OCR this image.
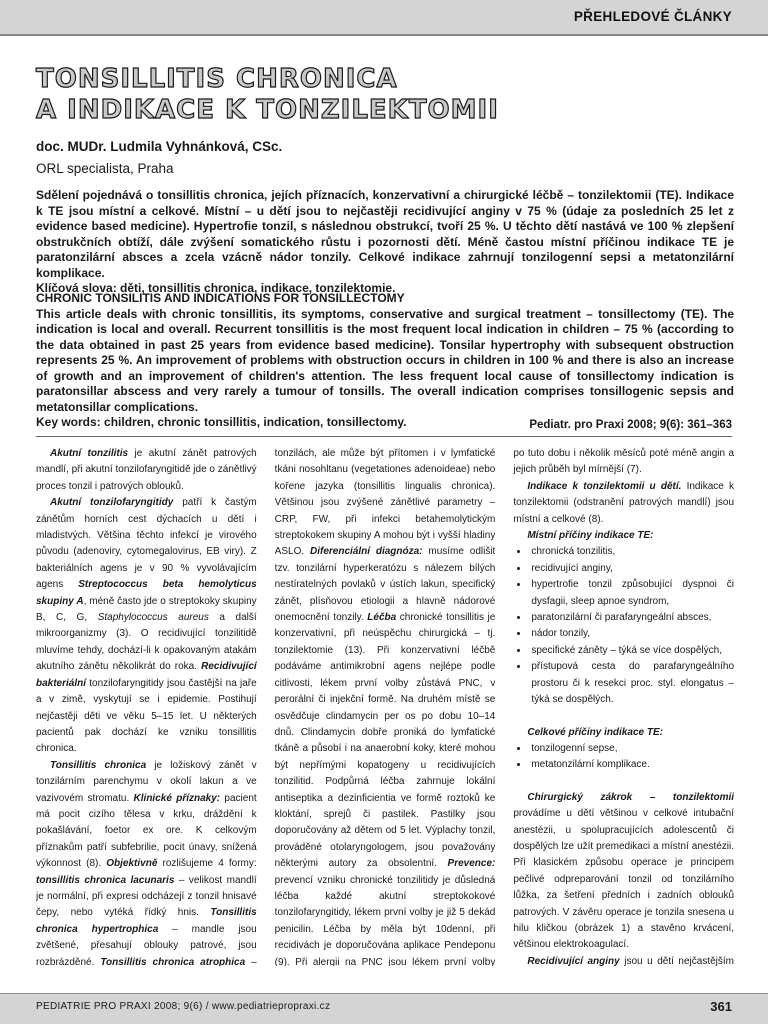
PŘEHLEDOVÉ ČLÁNKY
TONSILLITIS CHRONICA
A INDIKACE K TONZILEKTOMII
doc. MUDr. Ludmila Vyhnánková, CSc.
ORL specialista, Praha

Sdělení pojednává o tonsillitis chronica, jejích příznacích, konzervativní a chirurgické léčbě – tonzilektomii (TE). Indikace k TE jsou místní a celkové. Místní – u dětí jsou to nejčastěji recidivující anginy v 75 % (údaje za posledních 25 let z evidence based medicine). Hypertrofie tonzil, s následnou obstrukcí, tvoří 25 %. U těchto dětí nastává ve 100 % zlepšení obstrukčních obtíží, dále zvýšení somatického růstu i pozornosti dětí. Méně častou místní příčinou indikace TE je paratonzilární absces a zcela vzácně nádor tonzily. Celkové indikace zahrnují tonzilogenní sepsi a metatonzilární komplikace.

Klíčová slova: děti, tonsillitis chronica, indikace, tonzilektomie.

CHRONIC TONSILITIS AND INDICATIONS FOR TONSILLECTOMY

This article deals with chronic tonsillitis, its symptoms, conservative and surgical treatment – tonsillectomy (TE). The indication is local and overall. Recurrent tonsillitis is the most frequent local indication in children – 75 % (according to the data obtained in past 25 years from evidence based medicine). Tonsilar hypertrophy with subsequent obstruction represents 25 %. An improvement of problems with obstruction occurs in children in 100 % and there is also an increase of growth and an improvement of children's attention. The less frequent local cause of tonsillectomy indication is paratonsillar abscess and very rarely a tumour of tonsills. The overall indication comprises tonsillogenic sepsis and metatonsillar complications.

Key words: children, chronic tonsillitis, indication, tonsillectomy.	Pediatr. pro Praxi 2008; 9(6): 361–363

Akutní tonzilitis je akutní zánět patrových mandlí, při akutní tonzilofaryngitidě jde o zánětlivý proces tonzil i patrových oblouků.

Akutní tonzilofaryngitidy patří k častým zánětům horních cest dýchacích u dětí i mladistvých. Většina těchto infekcí je virového původu (adenoviry, cytomegalovirus, EB viry). Z bakteriálních agens je v 90 % vyvolávajícím agens Streptococcus beta hemolyticus skupiny A, méně často jde o streptokoky skupiny B, C, G, Staphylococcus aureus a další mikroorganizmy (3). O recidivující tonzilitidě mluvíme tehdy, dochází-li k opakovaným atakám akutního zánětu několikrát do roka. Recidivující bakteriální tonzilofaryngitidy jsou častější na jaře a v zimě, vyskytují se i epidemie. Postihují nejčastěji děti ve věku 5–15 let. U některých pacientů pak dochází ke vzniku tonsillitis chronica.

Tonsillitis chronica je ložiskový zánět v tonzilárním parenchymu v okolí lakun a ve vazivovém stromatu. Klinické příznaky: pacient má pocit cizího tělesa v krku, dráždění k pokašlávání, foetor ex ore. K celkovým příznakům patří subfebrilie, pocit únavy, snížená výkonnost (8). Objektivně rozlišujeme 4 formy: tonsillitis chronica lacunaris – velikost mandlí je normální, při expresi odcházejí z tonzil hnisavé čepy, nebo vytéká řídký hnis. Tonsillitis chronica hypertrophica – mandle jsou zvětšené, přesahují oblouky patrové, jsou rozbrázděné. Tonsillitis chronica atrophica –

tonzilách, ale může být přítomen i v lymfatické tkáni nosohltanu (vegetationes adenoideae) nebo kořene jazyka (tonsillitis lingualis chronica). Většinou jsou zvýšené zánětlivé parametry – CRP, FW, při infekci betahemolytickým streptokokem skupiny A mohou být i vyšší hladiny ASLO. Diferenciální diagnóza: musíme odlišit tzv. tonzilární hyperkeratózu s nálezem bílých nestíratelných povlaků v ústích lakun, specifický zánět, plísňovou etiologii a hlavně nádorové onemocnění tonzily. Léčba chronické tonsillitis je konzervativní, při neúspěchu chirurgická – tj. tonzilektomie (13). Při konzervativní léčbě podáváme antimikrobní agens nejlépe podle citlivosti, lékem první volby zůstává PNC, v perorální či injekční formě. Na druhém místě se osvědčuje clindamycin per os po dobu 10–14 dnů. Clindamycin dobře proniká do lymfatické tkáně a působí i na anaerobní koky, které mohou být nepřímými kopatogeny u recidivujících tonzilitid. Podpůrná léčba zahrnuje lokální antiseptika a dezinficientia ve formě roztoků ke kloktání, sprejů či pastilek. Pastilky jsou doporučovány až dětem od 5 let. Výplachy tonzil, prováděné otolaryngologem, jsou považovány některými autory za obsolentní. Prevence: prevencí vzniku chronické tonzilitidy je důsledná léčba každé akutní streptokokové tonzilofaryngitidy, lékem první volby je již 5 dekád penicilin. Léčba by měla být 10denní, při recidivách je doporučována aplikace Pendeponu (9). Při alergii na PNC jsou lékem první volby

po tuto dobu i několik měsíců poté méně angin a jejich průběh byl mírnější (7).

Indikace k tonzilektomii u dětí. Indikace k tonzilektomii (odstranění patrových mandlí) jsou místní a celkové (8).

Místní příčiny indikace TE:

• chronická tonzilitis,
• recidivující anginy,
• hypertrofie tonzil způsobující dyspnoi či dysfagii, sleep apnoe syndrom,
• paratonzilární či parafaryngeální absces,
• nádor tonzily,
• specifické záněty – týká se více dospělých,
• přístupová cesta do parafaryngeálního prostoru či k resekci proc. styl. elongatus – týká se dospělých.

Celkové příčiny indikace TE:

• tonzilogenní sepse,
• metatonzilární komplikace.

Chirurgický zákrok – tonzilektomii provádíme u dětí většinou v celkové intubační anestézii, u spolupracujících adolescentů či dospělých lze užít premedikaci a místní anestézii. Při klasickém způsobu operace je principem pečlivé odpreparování tonzil od tonzilárního lůžka, za šetření předních i zadních oblouků patrových. V závěru operace je tonzila snesena u hilu kličkou (obrázek 1) a stavěno krvácení, většinou elektrokoagulací.

Recidivující anginy jsou u dětí nejčastějším

PEDIATRIE PRO PRAXI 2008; 9(6) / www.pediatriepropraxi.cz	361
